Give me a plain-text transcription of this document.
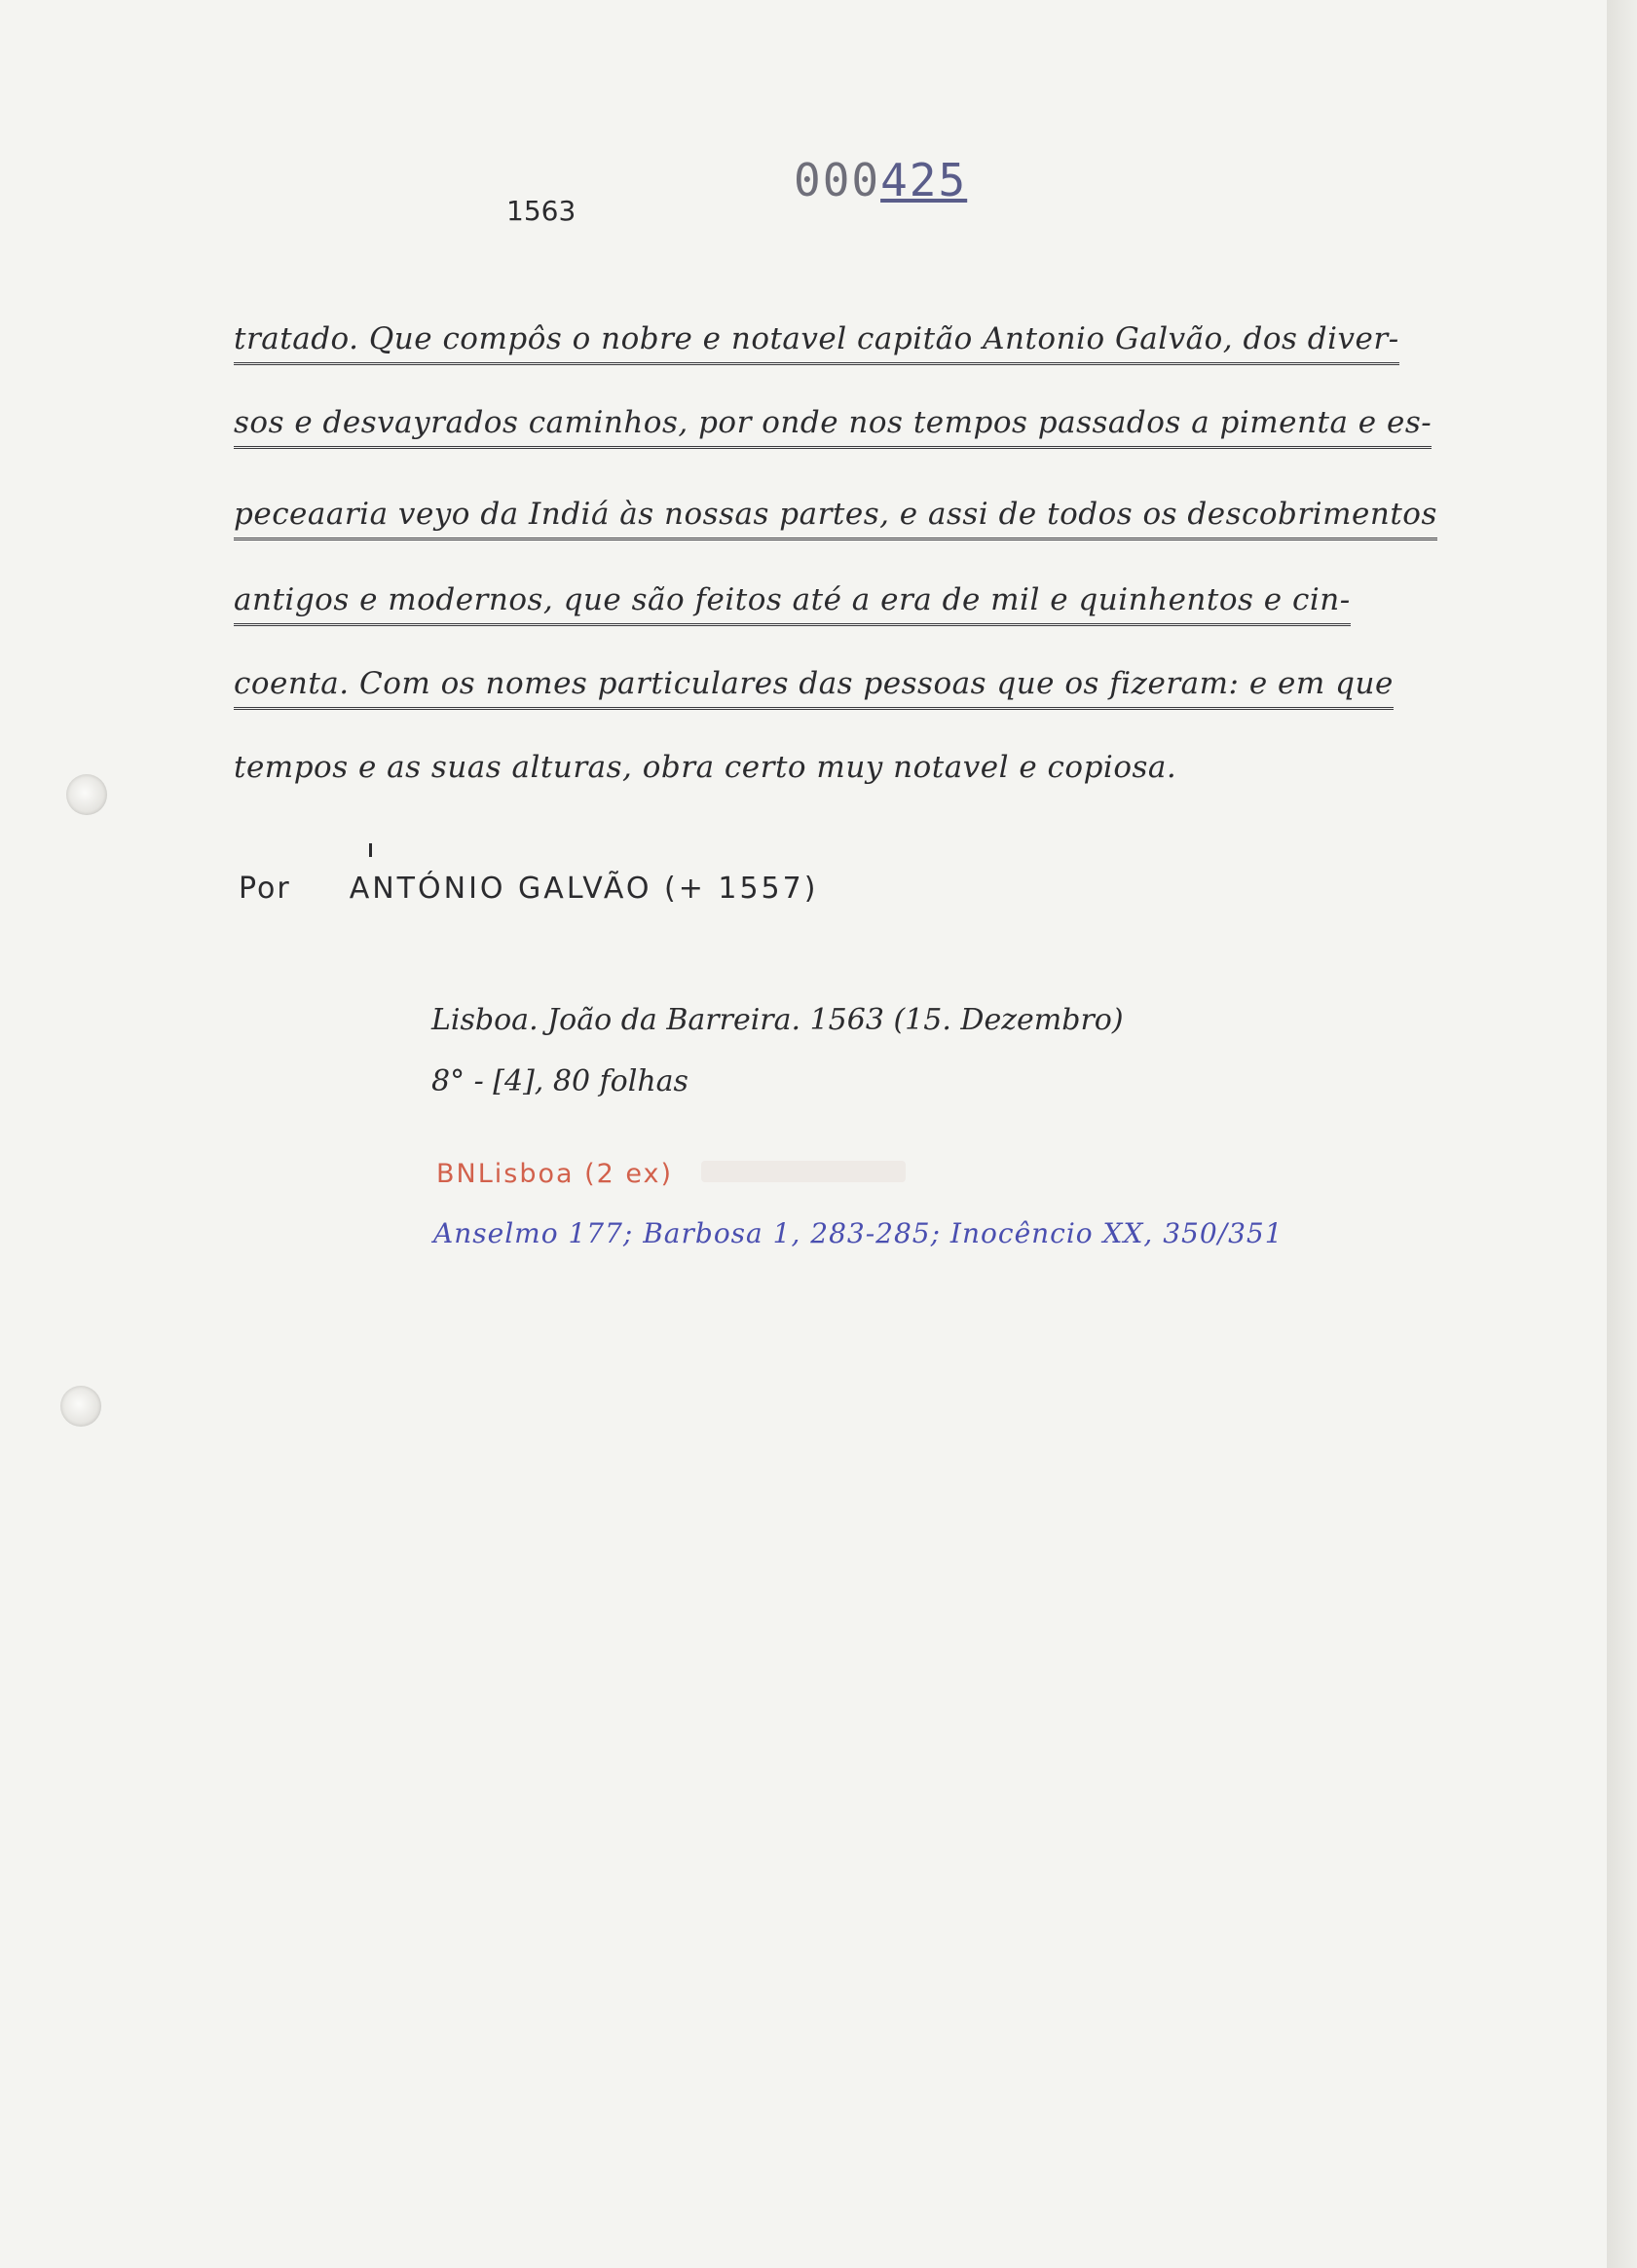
1563
000425
tratado. Que compôs o nobre e notavel capitão Antonio Galvão, dos diver-
sos e desvayrados caminhos, por onde nos tempos passados a pimenta e es-
peceaaria veyo da Indiá às nossas partes, e assi de todos os descobrimentos
antigos e modernos, que são feitos até a era de mil e quinhentos e cin-
coenta. Com os nomes particulares das pessoas que os fizeram: e em que
tempos e as suas alturas, obra certo muy notavel e copiosa.
Por ANTÓNIO GALVÃO (+ 1557)
Lisboa. João da Barreira. 1563 (15. Dezembro)
8° - [4], 80 folhas
BNLisboa (2 ex)
Anselmo 177; Barbosa 1, 283-285; Inocêncio XX, 350/351
